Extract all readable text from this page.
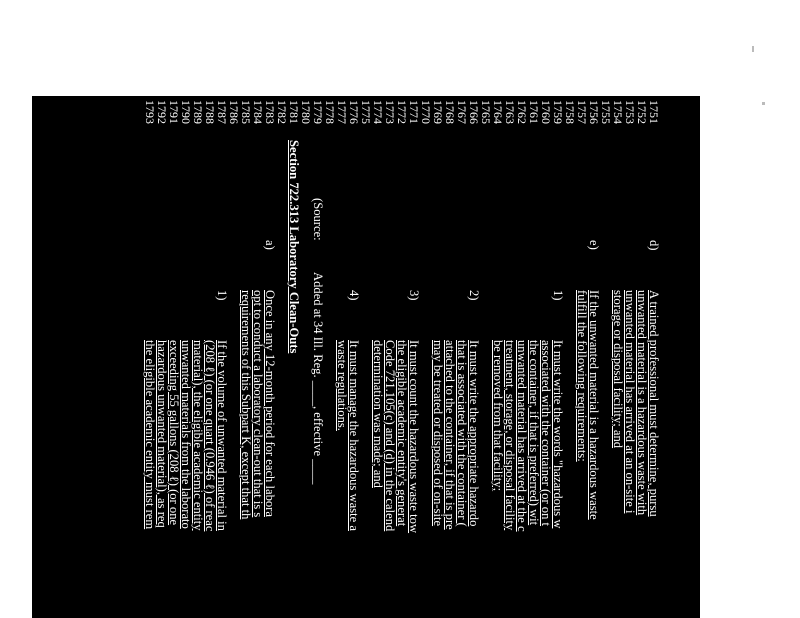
1751
1752
1753
1754
1755
1756
1757
1758
1759
1760
1761
1762
1763
1764
1765
1766
1767
1768
1769
1770
1771
1772
1773
1774
1775
1776
1777
1778
1779
1780
1781
1782
1783
1784
1785
1786
1787
1788
1789
1790
1791
1792
1793
d)
A trained professional must determine, pursu
unwanted material is a hazardous waste with
unwanted material has arrived at an on-site i
storage or disposal facility; and
e)
If the unwanted material is a hazardous waste
fulfill the following requirements:
1)
It must write the words "hazardous w
associated with the container (or on t
the container, if that is preferred) wit
unwanted material has arrived at the c
treatment, storage, or disposal facility
be removed from that facility;
2)
It must write the appropriate hazardo
that is associated with the container (
attached to the container, if that is pre
may be treated or disposed of on-site
3)
It must count the hazardous waste tow
the eligible academic entity's generat
Code 721.105(c) and (d) in the calend
determination was made; and
4)
It must manage the hazardous waste a
waste regulations.
(Source:
Added at 34 Ill. Reg. ____, effective ____
Section 722.313 Laboratory Clean-Outs
a)
Once in any 12-month period for each labora
opt to conduct a laboratory clean-out that is s
requirements of this Subpart K, except that th
1)
If the volume of unwanted material in
(208 ℓ) (or one quart (0.946 ℓ) of reac
material), the eligible academic entity
unwanted materials from the laborato
exceeding 55 gallons (208 ℓ) (or one
hazardous unwanted material), as req
the eligible academic entity must rem
